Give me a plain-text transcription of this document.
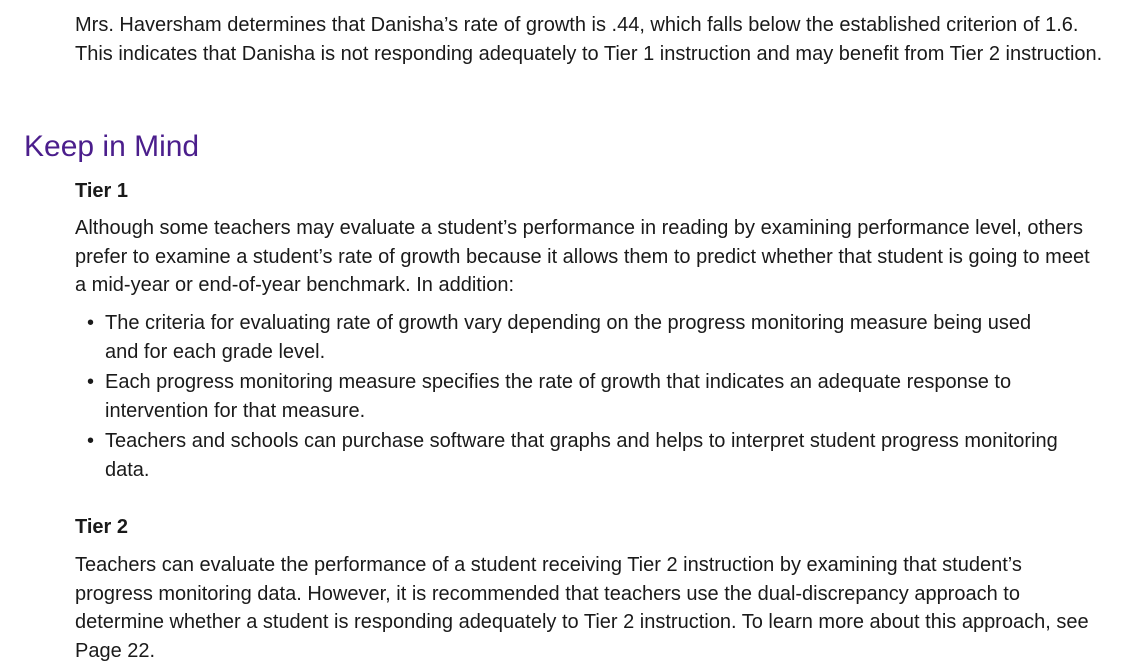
Mrs. Haversham determines that Danisha’s rate of growth is .44, which falls below the established criterion of 1.6. This indicates that Danisha is not responding adequately to Tier 1 instruction and may benefit from Tier 2 instruction.

Keep in Mind
Tier 1

Although some teachers may evaluate a student’s performance in reading by examining performance level, others prefer to examine a student’s rate of growth because it allows them to predict whether that student is going to meet a mid-year or end-of-year benchmark. In addition:

• The criteria for evaluating rate of growth vary depending on the progress monitoring measure being used and for each grade level.
• Each progress monitoring measure specifies the rate of growth that indicates an adequate response to intervention for that measure.
• Teachers and schools can purchase software that graphs and helps to interpret student progress monitoring data.
Tier 2

Teachers can evaluate the performance of a student receiving Tier 2 instruction by examining that student’s progress monitoring data. However, it is recommended that teachers use the dual-discrepancy approach to determine whether a student is responding adequately to Tier 2 instruction. To learn more about this approach, see Page 22.
